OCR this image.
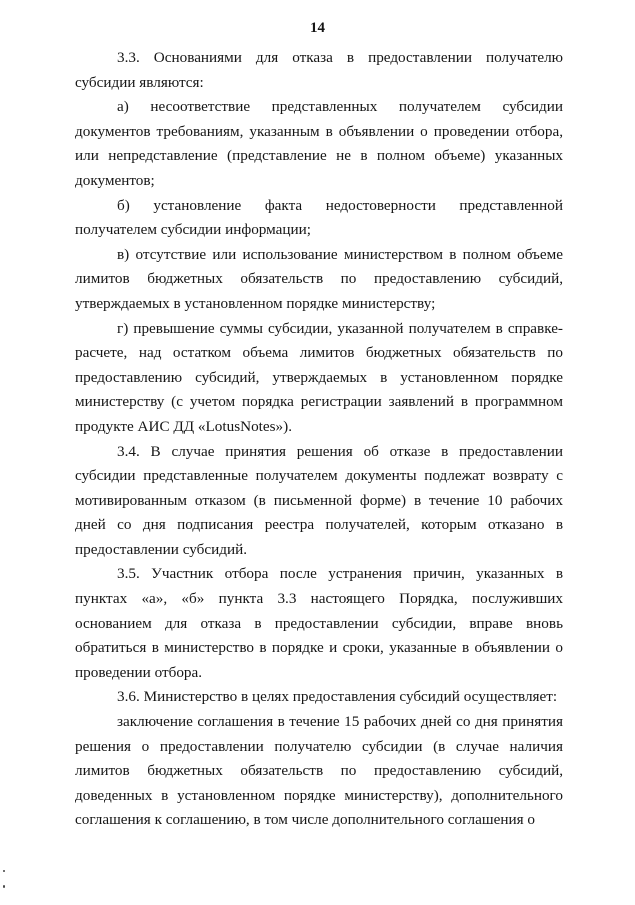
14

3.3. Основаниями для отказа в предоставлении получателю субсидии являются:

а) несоответствие представленных получателем субсидии документов требованиям, указанным в объявлении о проведении отбора, или непредставление (представление не в полном объеме) указанных документов;

б) установление факта недостоверности представленной получателем субсидии информации;

в) отсутствие или использование министерством в полном объеме лимитов бюджетных обязательств по предоставлению субсидий, утверждаемых в установленном порядке министерству;

г) превышение суммы субсидии, указанной получателем в справке-расчете, над остатком объема лимитов бюджетных обязательств по предоставлению субсидий, утверждаемых в установленном порядке министерству (с учетом порядка регистрации заявлений в программном продукте АИС ДД «LotusNotes»).

3.4. В случае принятия решения об отказе в предоставлении субсидии представленные получателем документы подлежат возврату с мотивированным отказом (в письменной форме) в течение 10 рабочих дней со дня подписания реестра получателей, которым отказано в предоставлении субсидий.

3.5. Участник отбора после устранения причин, указанных в пунктах «а», «б» пункта 3.3 настоящего Порядка, послуживших основанием для отказа в предоставлении субсидии, вправе вновь обратиться в министерство в порядке и сроки, указанные в объявлении о проведении отбора.

3.6. Министерство в целях предоставления субсидий осуществляет:

заключение соглашения в течение 15 рабочих дней со дня принятия решения о предоставлении получателю субсидии (в случае наличия лимитов бюджетных обязательств по предоставлению субсидий, доведенных в установленном порядке министерству), дополнительного соглашения к соглашению, в том числе дополнительного соглашения о
